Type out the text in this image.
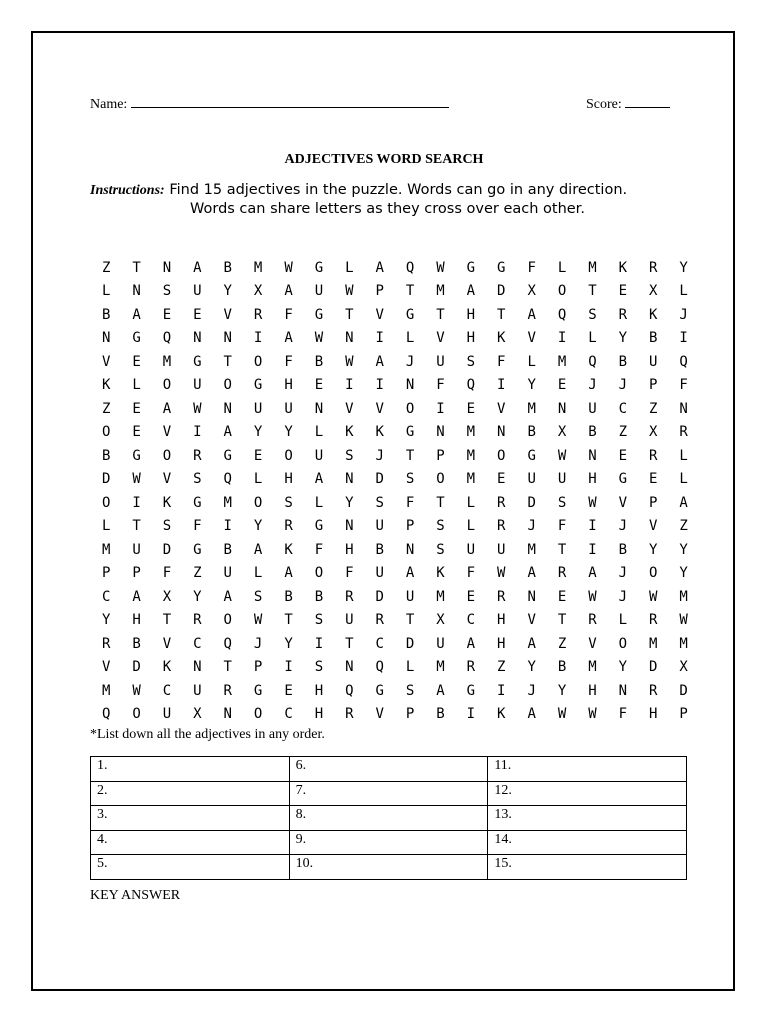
Name:	Score:
ADJECTIVES WORD SEARCH
Instructions: Find 15 adjectives in the puzzle. Words can go in any direction.
Words can share letters as they cross over each other.
Z	T	N	A	B	M	W	G	L	A	Q	W	G	G	F	L	M	K	R	Y
L	N	S	U	Y	X	A	U	W	P	T	M	A	D	X	O	T	E	X	L
B	A	E	E	V	R	F	G	T	V	G	T	H	T	A	Q	S	R	K	J
N	G	Q	N	N	I	A	W	N	I	L	V	H	K	V	I	L	Y	B	I
V	E	M	G	T	O	F	B	W	A	J	U	S	F	L	M	Q	B	U	Q
K	L	O	U	O	G	H	E	I	I	N	F	Q	I	Y	E	J	J	P	F
Z	E	A	W	N	U	U	N	V	V	O	I	E	V	M	N	U	C	Z	N
O	E	V	I	A	Y	Y	L	K	K	G	N	M	N	B	X	B	Z	X	R
B	G	O	R	G	E	O	U	S	J	T	P	M	O	G	W	N	E	R	L
D	W	V	S	Q	L	H	A	N	D	S	O	M	E	U	U	H	G	E	L
O	I	K	G	M	O	S	L	Y	S	F	T	L	R	D	S	W	V	P	A
L	T	S	F	I	Y	R	G	N	U	P	S	L	R	J	F	I	J	V	Z
M	U	D	G	B	A	K	F	H	B	N	S	U	U	M	T	I	B	Y	Y
P	P	F	Z	U	L	A	O	F	U	A	K	F	W	A	R	A	J	O	Y
C	A	X	Y	A	S	B	B	R	D	U	M	E	R	N	E	W	J	W	M
Y	H	T	R	O	W	T	S	U	R	T	X	C	H	V	T	R	L	R	W
R	B	V	C	Q	J	Y	I	T	C	D	U	A	H	A	Z	V	O	M	M
V	D	K	N	T	P	I	S	N	Q	L	M	R	Z	Y	B	M	Y	D	X
M	W	C	U	R	G	E	H	Q	G	S	A	G	I	J	Y	H	N	R	D
Q	O	U	X	N	O	C	H	R	V	P	B	I	K	A	W	W	F	H	P
*List down all the adjectives in any order.
1.	6.	11.
2.	7.	12.
3.	8.	13.
4.	9.	14.
5.	10.	15.
KEY ANSWER
